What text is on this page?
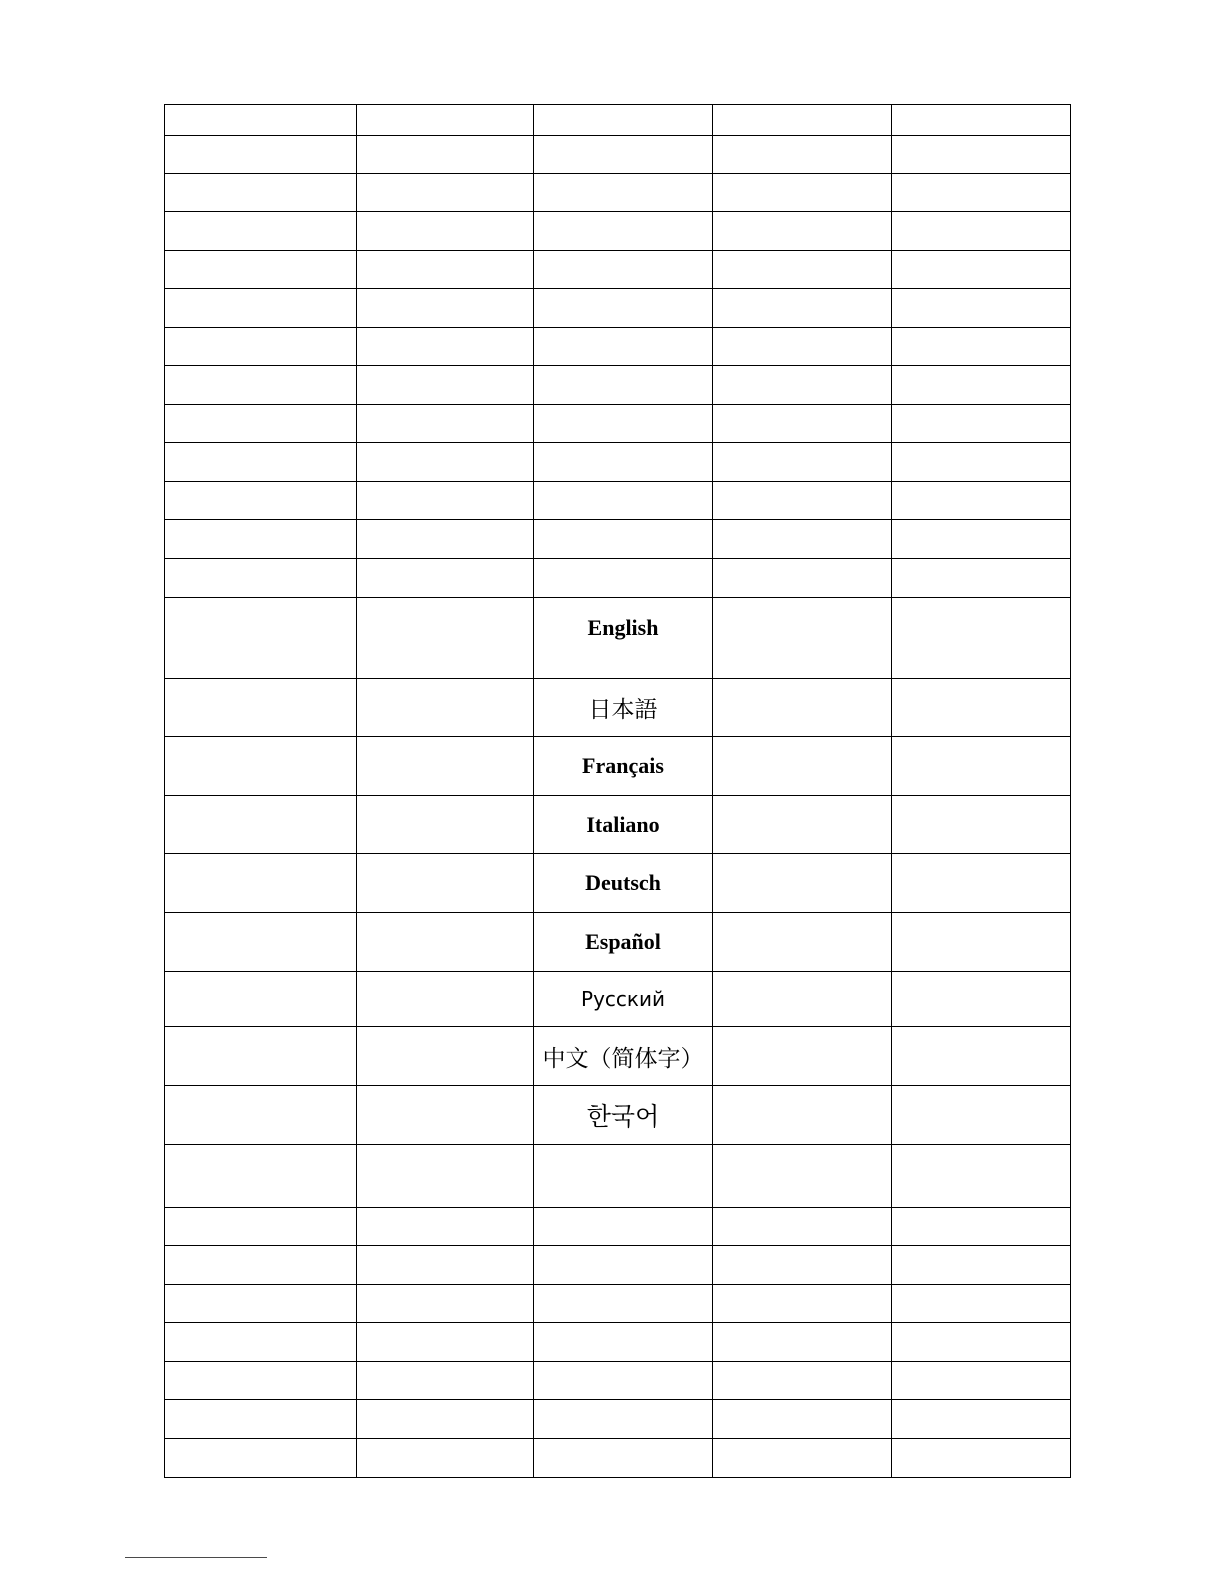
		English		
		日本語		
		Français		
		Italiano		
		Deutsch		
		Español		
		Русский		
		中文（简体字）		
		한국어		
